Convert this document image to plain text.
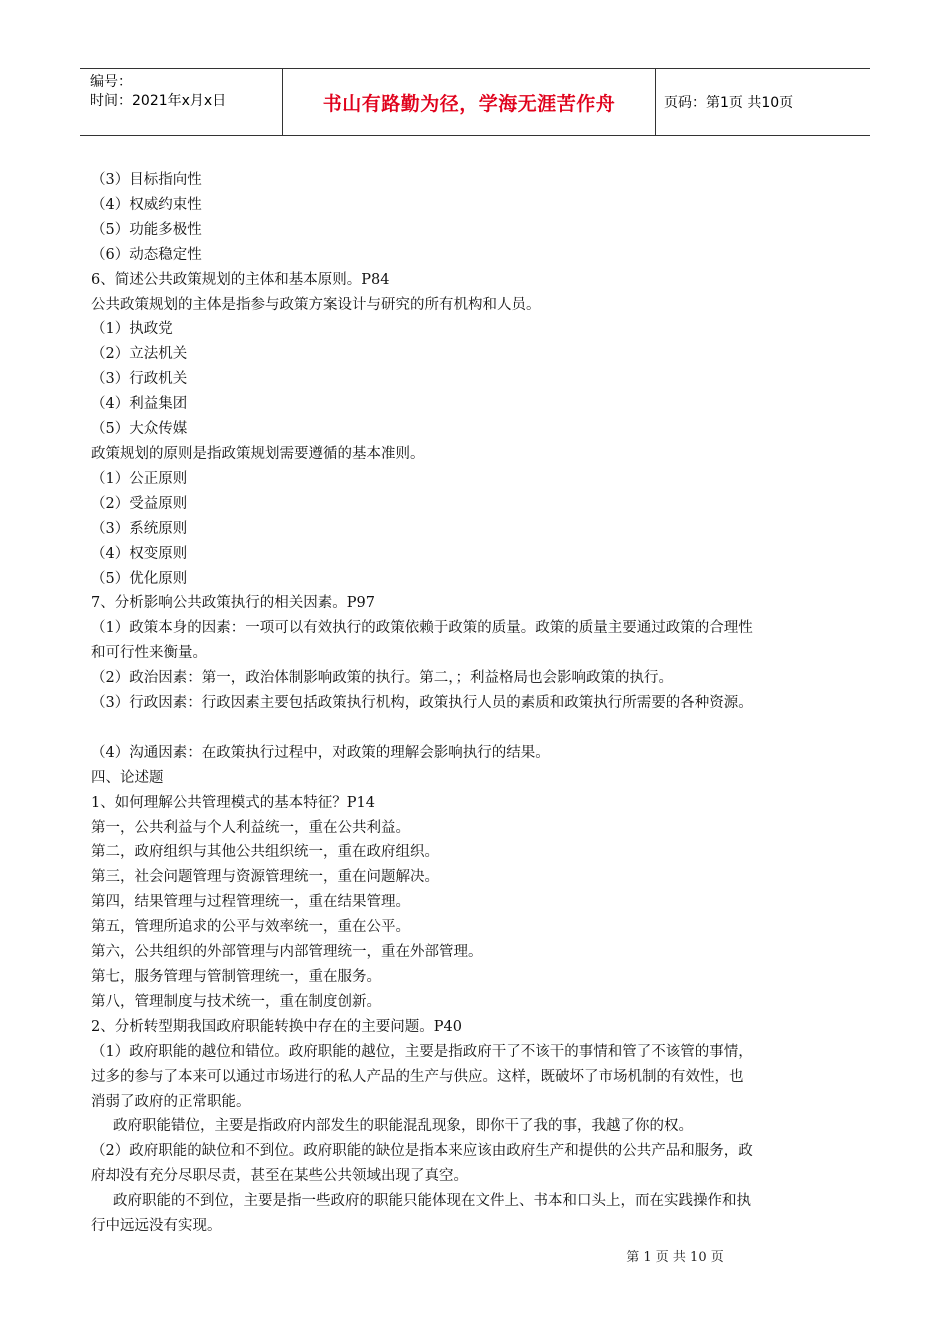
编号：
时间：2021年x月x日	书山有路勤为径，学海无涯苦作舟	页码：第1页 共10页

（3）目标指向性

（4）权威约束性

（5）功能多极性

（6）动态稳定性

6、简述公共政策规划的主体和基本原则。P84

公共政策规划的主体是指参与政策方案设计与研究的所有机构和人员。

（1）执政党

（2）立法机关

（3）行政机关

（4）利益集团

（5）大众传媒

政策规划的原则是指政策规划需要遵循的基本准则。

（1）公正原则

（2）受益原则

（3）系统原则

（4）权变原则

（5）优化原则

7、分析影响公共政策执行的相关因素。P97

（1）政策本身的因素：一项可以有效执行的政策依赖于政策的质量。政策的质量主要通过政策的合理性

和可行性来衡量。

（2）政治因素：第一，政治体制影响政策的执行。第二，；利益格局也会影响政策的执行。

（3）行政因素：行政因素主要包括政策执行机构，政策执行人员的素质和政策执行所需要的各种资源。

（4）沟通因素：在政策执行过程中，对政策的理解会影响执行的结果。

四、论述题

1、如何理解公共管理模式的基本特征？P14

第一，公共利益与个人利益统一，重在公共利益。

第二，政府组织与其他公共组织统一，重在政府组织。

第三，社会问题管理与资源管理统一，重在问题解决。

第四，结果管理与过程管理统一，重在结果管理。

第五，管理所追求的公平与效率统一，重在公平。

第六，公共组织的外部管理与内部管理统一，重在外部管理。

第七，服务管理与管制管理统一，重在服务。

第八，管理制度与技术统一，重在制度创新。

2、分析转型期我国政府职能转换中存在的主要问题。P40

（1）政府职能的越位和错位。政府职能的越位，主要是指政府干了不该干的事情和管了不该管的事情，

过多的参与了本来可以通过市场进行的私人产品的生产与供应。这样，既破坏了市场机制的有效性，也

消弱了政府的正常职能。

政府职能错位，主要是指政府内部发生的职能混乱现象，即你干了我的事，我越了你的权。

（2）政府职能的缺位和不到位。政府职能的缺位是指本来应该由政府生产和提供的公共产品和服务，政

府却没有充分尽职尽责，甚至在某些公共领域出现了真空。

政府职能的不到位，主要是指一些政府的职能只能体现在文件上、书本和口头上，而在实践操作和执

行中远远没有实现。

第 1 页 共 10 页
